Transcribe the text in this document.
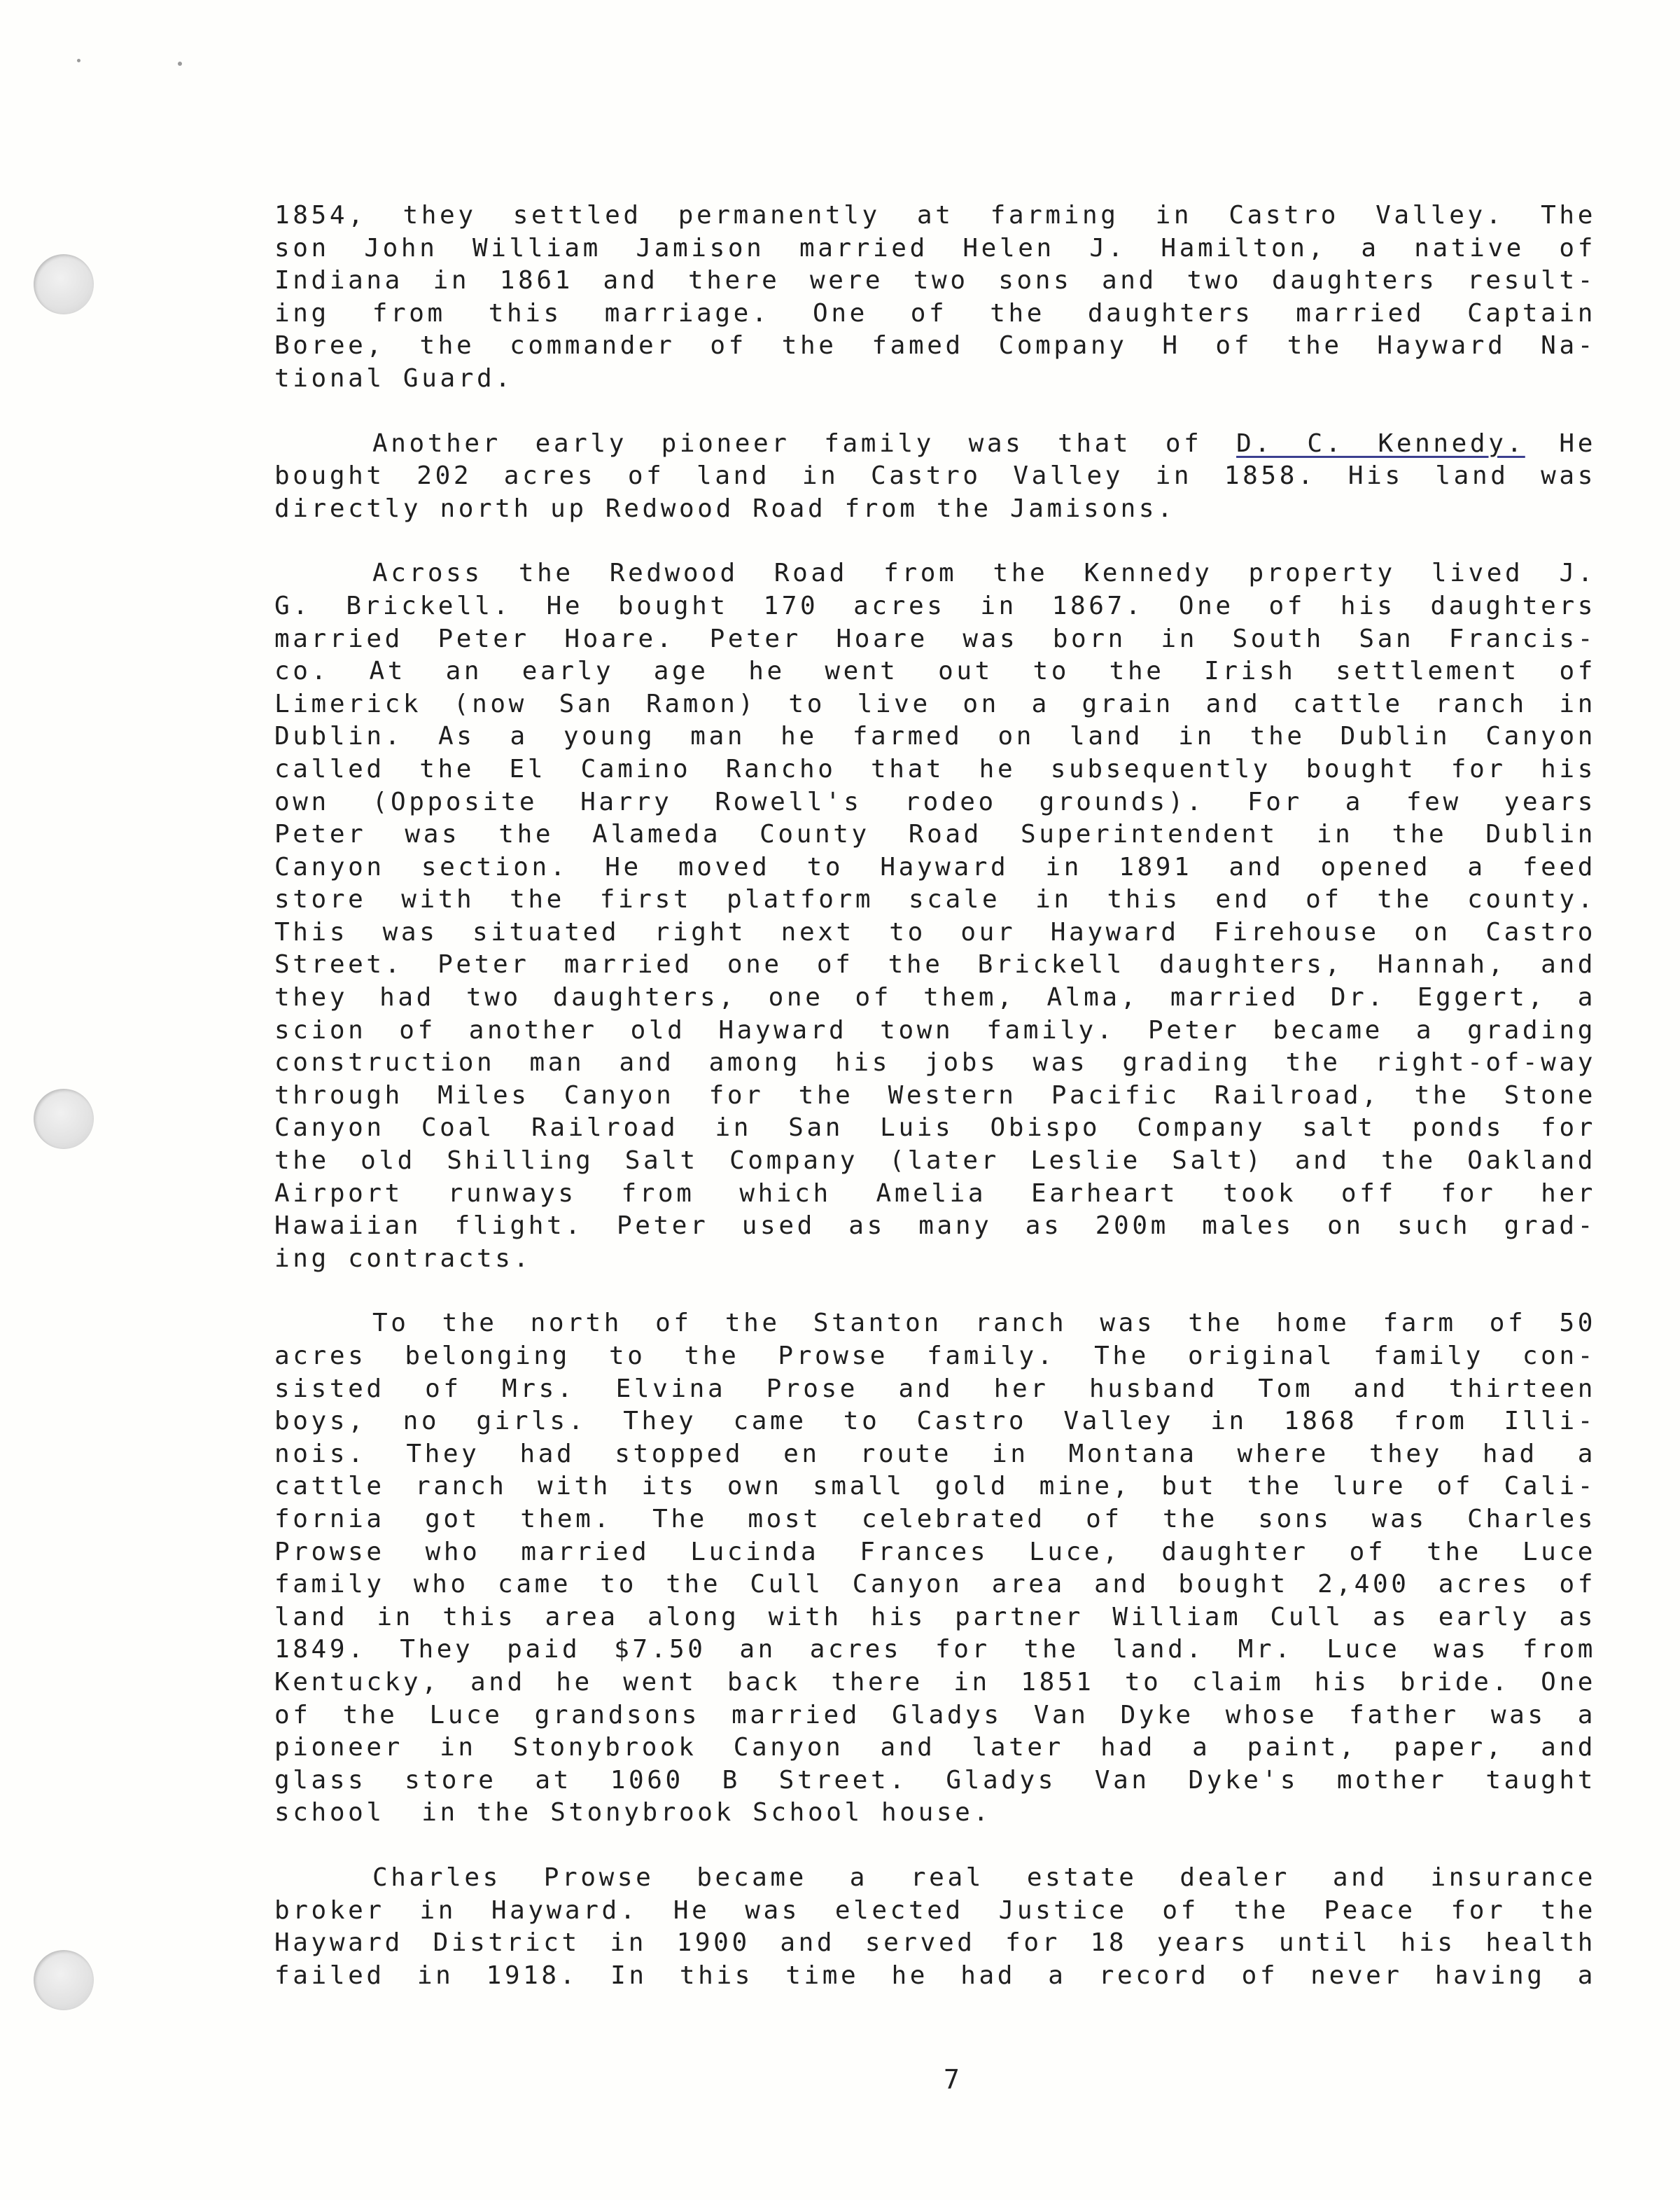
1854, they settled permanently at farming in Castro Valley. The
son John William Jamison married Helen J. Hamilton, a native of
Indiana in 1861 and there were two sons and two daughters result-
ing from this marriage. One of the daughters married Captain
Boree, the commander of the famed Company H of the Hayward Na-
tional Guard.
Another early pioneer family was that of D. C. Kennedy. He
bought 202 acres of land in Castro Valley in 1858. His land was
directly north up Redwood Road from the Jamisons.
Across the Redwood Road from the Kennedy property lived J.
G. Brickell. He bought 170 acres in 1867. One of his daughters
married Peter Hoare. Peter Hoare was born in South San Francis-
co. At an early age he went out to the Irish settlement of
Limerick (now San Ramon) to live on a grain and cattle ranch in
Dublin. As a young man he farmed on land in the Dublin Canyon
called the El Camino Rancho that he subsequently bought for his
own (Opposite Harry Rowell's rodeo grounds). For a few years
Peter was the Alameda County Road Superintendent in the Dublin
Canyon section. He moved to Hayward in 1891 and opened a feed
store with the first platform scale in this end of the county.
This was situated right next to our Hayward Firehouse on Castro
Street. Peter married one of the Brickell daughters, Hannah, and
they had two daughters, one of them, Alma, married Dr. Eggert, a
scion of another old Hayward town family. Peter became a grading
construction man and among his jobs was grading the right-of-way
through Miles Canyon for the Western Pacific Railroad, the Stone
Canyon Coal Railroad in San Luis Obispo Company salt ponds for
the old Shilling Salt Company (later Leslie Salt) and the Oakland
Airport runways from which Amelia Earheart took off for her
Hawaiian flight. Peter used as many as 200m males on such grad-
ing contracts.
To the north of the Stanton ranch was the home farm of 50
acres belonging to the Prowse family. The original family con-
sisted of Mrs. Elvina Prose and her husband Tom and thirteen
boys, no girls. They came to Castro Valley in 1868 from Illi-
nois. They had stopped en route in Montana where they had a
cattle ranch with its own small gold mine, but the lure of Cali-
fornia got them. The most celebrated of the sons was Charles
Prowse who married Lucinda Frances Luce, daughter of the Luce
family who came to the Cull Canyon area and bought 2,400 acres of
land in this area along with his partner William Cull as early as
1849. They paid $7.50 an acres for the land. Mr. Luce was from
Kentucky, and he went back there in 1851 to claim his bride. One
of the Luce grandsons married Gladys Van Dyke whose father was a
pioneer in Stonybrook Canyon and later had a paint, paper, and
glass store at 1060 B Street. Gladys Van Dyke's mother taught
school  in the Stonybrook School house.
Charles Prowse became a real estate dealer and insurance
broker in Hayward. He was elected Justice of the Peace for the
Hayward District in 1900 and served for 18 years until his health
failed in 1918. In this time he had a record of never having a
7
